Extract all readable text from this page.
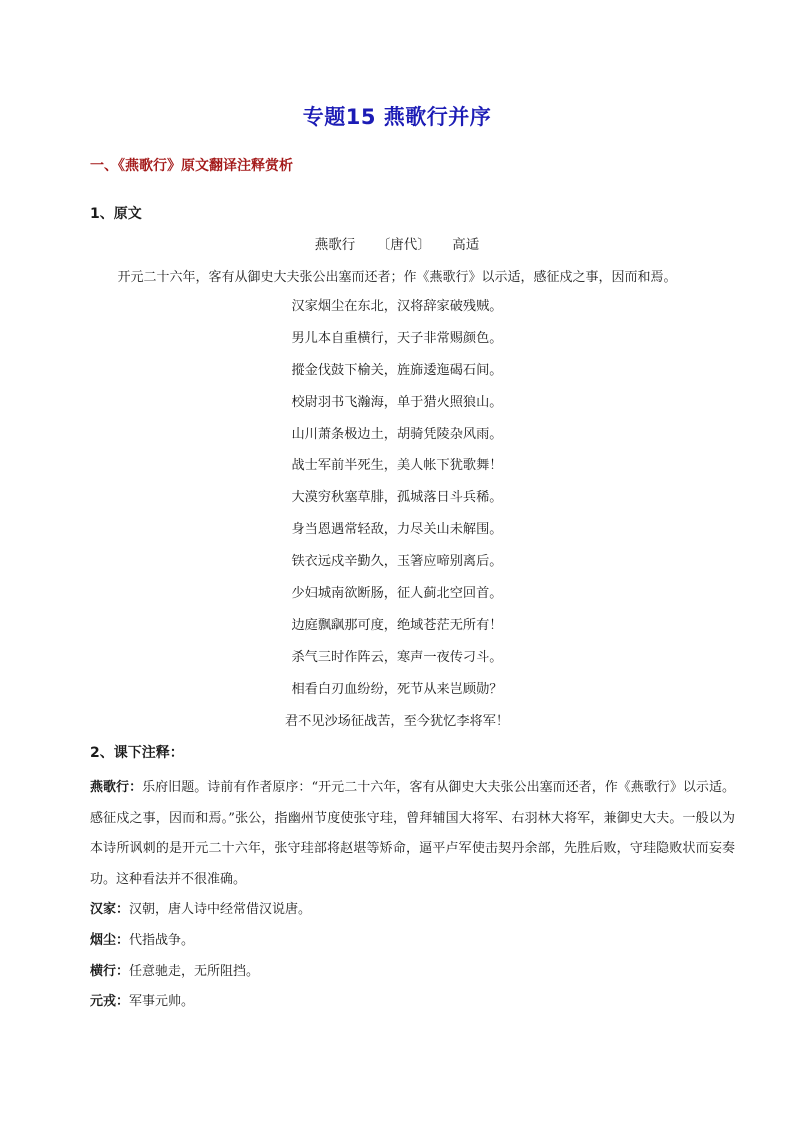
专题15 燕歌行并序
一、《燕歌行》原文翻译注释赏析
1、原文
燕歌行 〔唐代〕 高适
开元二十六年，客有从御史大夫张公出塞而还者；作《燕歌行》以示适，感征戍之事，因而和焉。
汉家烟尘在东北，汉将辞家破残贼。
男儿本自重横行，天子非常赐颜色。
摐金伐鼓下榆关，旌旆逶迤碣石间。
校尉羽书飞瀚海，单于猎火照狼山。
山川萧条极边土，胡骑凭陵杂风雨。
战士军前半死生，美人帐下犹歌舞！
大漠穷秋塞草腓，孤城落日斗兵稀。
身当恩遇常轻敌，力尽关山未解围。
铁衣远戍辛勤久，玉箸应啼别离后。
少妇城南欲断肠，征人蓟北空回首。
边庭飘飖那可度，绝域苍茫无所有！
杀气三时作阵云，寒声一夜传刁斗。
相看白刃血纷纷，死节从来岂顾勋？
君不见沙场征战苦，至今犹忆李将军！
2、课下注释：

燕歌行：乐府旧题。诗前有作者原序：“开元二十六年，客有从御史大夫张公出塞而还者，作《燕歌行》以示适。感征戍之事，因而和焉。”张公，指幽州节度使张守珪，曾拜辅国大将军、右羽林大将军，兼御史大夫。一般以为本诗所讽刺的是开元二十六年，张守珪部将赵堪等矫命，逼平卢军使击契丹余部，先胜后败，守珪隐败状而妄奏功。这种看法并不很准确。

汉家：汉朝，唐人诗中经常借汉说唐。

烟尘：代指战争。

横行：任意驰走，无所阻挡。

元戎：军事元帅。
